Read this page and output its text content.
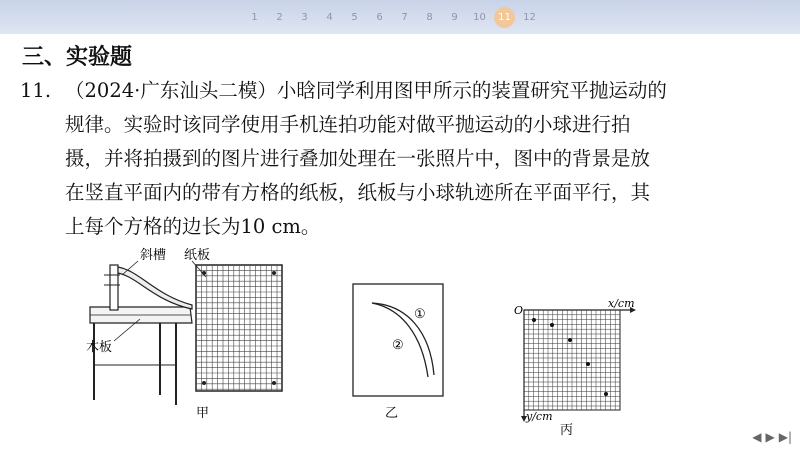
1	2	3	4	5	6	7	8	9	10	11	12
三、实验题
11. （2024·广东汕头二模）小晗同学利用图甲所示的装置研究平抛运动的
规律。实验时该同学使用手机连拍功能对做平抛运动的小球进行拍
摄，并将拍摄到的图片进行叠加处理在一张照片中，图中的背景是放
在竖直平面内的带有方格的纸板，纸板与小球轨迹所在平面平行，其
上每个方格的边长为10 cm。
斜槽 纸板
木板
甲
①
②
乙
O
x/cm
y/cm
丙	◀ ▶ ▶|
